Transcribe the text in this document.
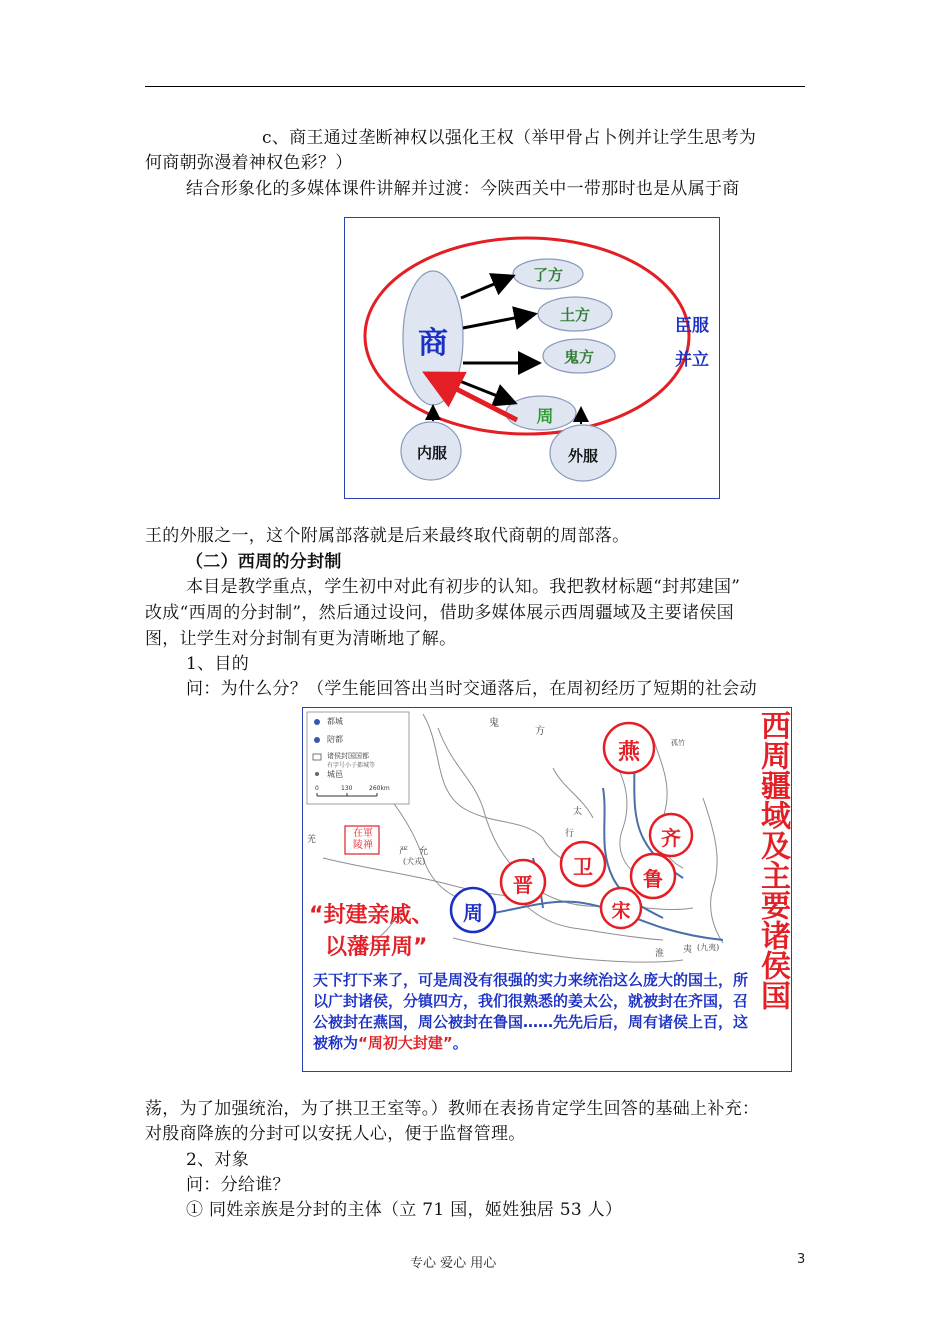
c、商王通过垄断神权以强化王权（举甲骨占卜例并让学生思考为
何商朝弥漫着神权色彩？）
结合形象化的多媒体课件讲解并过渡：今陕西关中一带那时也是从属于商
商
了方
土方
鬼方
周
内服	外服
臣服
并立
王的外服之一，这个附属部落就是后来最终取代商朝的周部落。
（二）西周的分封制
本目是教学重点，学生初中对此有初步的认知。我把教材标题“封邦建国”
改成“西周的分封制”，然后通过设问，借助多媒体展示西周疆域及主要诸侯国
图，让学生对分封制有更为清晰地了解。
1、目的
问：为什么分？（学生能回答出当时交通落后，在周初经历了短期的社会动
都城
陪都
诸侯封国国都
有字号小子都城等
城邑
0	130	260km
鬼
方
严 允
(犬戎)
夷 (九夷)
太
行
淮
羌
孤竹
在軍
陵禅
燕
齐
卫
晋	鲁
宋
周	西周疆域及主要诸侯国
“封建亲戚、
以藩屏周”
天下打下来了，可是周没有很强的实力来统治这么庞大的国土，所
以广封诸侯，分镇四方，我们很熟悉的姜太公，就被封在齐国，召
公被封在燕国，周公被封在鲁国……先先后后，周有诸侯上百，这
被称为“周初大封建”。
荡，为了加强统治，为了拱卫王室等。）教师在表扬肯定学生回答的基础上补充：
对殷商降族的分封可以安抚人心，便于监督管理。
2、对象
问：分给谁？
① 同姓亲族是分封的主体（立 71 国，姬姓独居 53 人）
专心 爱心 用心	3
